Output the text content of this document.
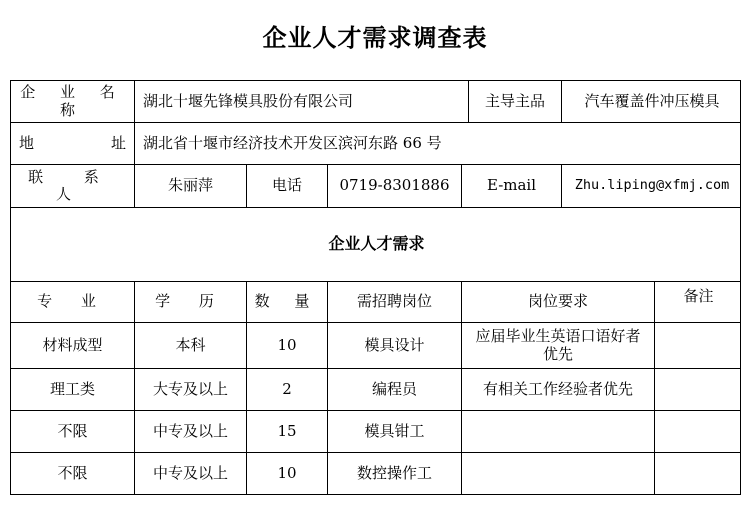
企业人才需求调查表
企 业 名 称	湖北十堰先锋模具股份有限公司	主导主品	汽车覆盖件冲压模具
地	址	湖北省十堰市经济技术开发区滨河东路 66 号
联 系 人	朱丽萍	电话	0719-8301886	E-mail	Zhu.liping@xfmj.com
企业人才需求
专 业	学 历	数 量	需招聘岗位	岗位要求	备注
材料成型	本科	10	模具设计	应届毕业生英语口语好者优先
理工类	大专及以上	2	编程员	有相关工作经验者优先
不限	中专及以上	15	模具钳工
不限	中专及以上	10	数控操作工
